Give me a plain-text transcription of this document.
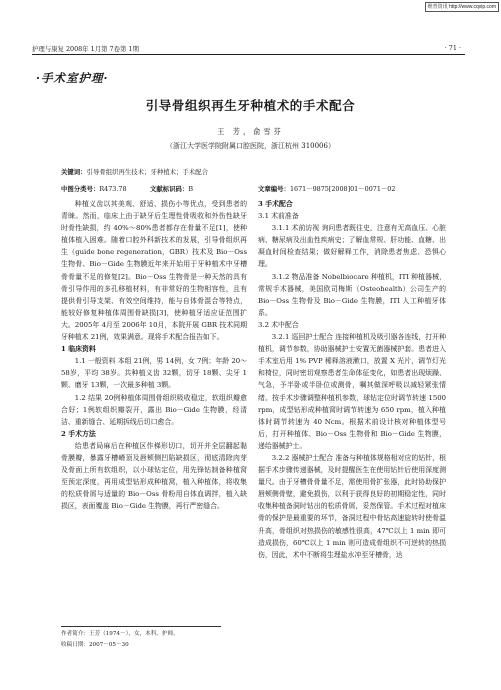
维普资讯 http://www.cqvip.com
护理与康复 2008年 1月第 7卷第 1期	· 71 ·
·手术室护理·
引导骨组织再生牙种植术的手术配合
王 芳，俞雪芬
（浙江大学医学院附属口腔医院，浙江杭州 310006）
关键词：引导骨组织再生技术；牙种植术；手术配合
中图分类号：R473.78	文献标识码：B	文章编号：1671－9875[2008]01－0071－02

种植义齿以其美观、舒适、损伤小等优点，受到患者的青睐。然而，临床上由于缺牙后生理性骨吸收和外伤性缺牙时骨性缺损，约 40%～80%患者都存在骨量不足[1]，使种植体植入困难。随着口腔外科新技术的发展，引导骨组织再生（guide bone regeneration，GBR）技术及 Bio－Oss 生物骨、Bio－Gide 生物膜近年来开始用于牙种植术中牙槽骨骨量不足的修复[2]。Bio－Oss 生物骨是一种天然的具有骨引导作用的多孔移植材料，有非常好的生物相容性，且有提供骨引导支架、有效空间维持，能与自体骨混合等特点，能较好修复种植体周围骨缺损[3]，使种植牙适应证范围扩大。2005年 4月至 2006年 10月，本院开展 GBR 技术同期牙种植术 21例，效果满意。现将手术配合报告如下。

1 临床资料

1.1 一般资料 本组 21例，男 14例，女 7例；年龄 20～58岁，平均 38岁。共种植义齿 32颗，切牙 18颗、尖牙 1颗、磨牙 13颗，一次最多种植 3颗。

1.2 结果 20例种植体周围骨组织吸收稳定，软组织瓣愈合好；1例软组织瓣裂开，露出 Bio－Gide 生物膜，经清洁、重新缝合、延期拆线后切口愈合。

2 手术方法

给患者局麻后在种植区作梯形切口，切开并全层翻起黏骨膜瓣，暴露牙槽嵴顶及唇颊侧凹陷缺损区，彻底清除肉芽及骨面上所有软组织，以小球钻定位，用先锋钻制备种植窝至预定深度，再用成型钻形成种植窝，植入种植体，将收集的松质骨屑与适量的 Bio－Oss 骨粉用自体血调拌，植入缺损区，表面覆盖 Bio－Gide 生物膜，再行严密缝合。

3 手术配合

3.1 术前准备

3.1.1 术前访视 询问患者既往史，注意有无高血压、心脏病、糖尿病及出血性疾病史；了解血常规、肝功能、血糖、出凝血时间检查结果；做好解释工作，消除患者焦虑、恐惧心理。

3.1.2 物品准备 Nobelbiocare 种植机，ITI 种植器械，常规手术器械，美国欧司梅斯（Osteohealth）公司生产的 Bio－Oss 生物骨及 Bio－Gide 生物膜，ITI 人工种植牙体系。

3.2 术中配合

3.2.1 巡回护士配合 连接种植机及吸引器各连线，打开种植机，调节参数，协助器械护士安置无菌器械护套。患者进入手术室后用 1% PVP 稀释溶液漱口，放置 X 光片，调节灯光和椅位，同时密切观察患者生命体征变化，如患者出现烦躁、气急，予半卧或半卧位或测骨，嘱其做深呼吸以减轻紧张情绪。按手术步骤调整种植机参数，球钻定位时调节转速 1500 rpm，成型钻形成种植窝时调节转速为 650 rpm，植入种植体时调节转速为 40 Ncm。根据术前设计核对种植体型号后，打开种植体、Bio－Oss 生物骨和 Bio－Gide 生物膜，递给器械护士。

3.2.2 器械护士配合 准备与种植体规格相对应的钻针，根据手术步骤传递器械，及时提醒医生在使用钻针后使用深度测量尺。由于牙槽骨骨量不足，需使用骨扩张器，此时协助保护唇颊侧骨壁，避免损伤，以利于获得良好的初期稳定性，同时收集种植备洞时钻出的松质骨屑，妥然保管。手术过程对植床骨的保护是最重要的环节，备洞过程中骨钻高速旋转时使骨温升高，骨组织对热损伤的敏感性很高，47℃以上 1 min 即可造成损伤，60℃以上 1 min 则可造成骨组织不可逆转的热损伤，因此，术中不断将生理盐水冲至牙槽骨，达

作者简介：王芳（1974－），女，本科，护师。
收稿日期：2007－05－30
